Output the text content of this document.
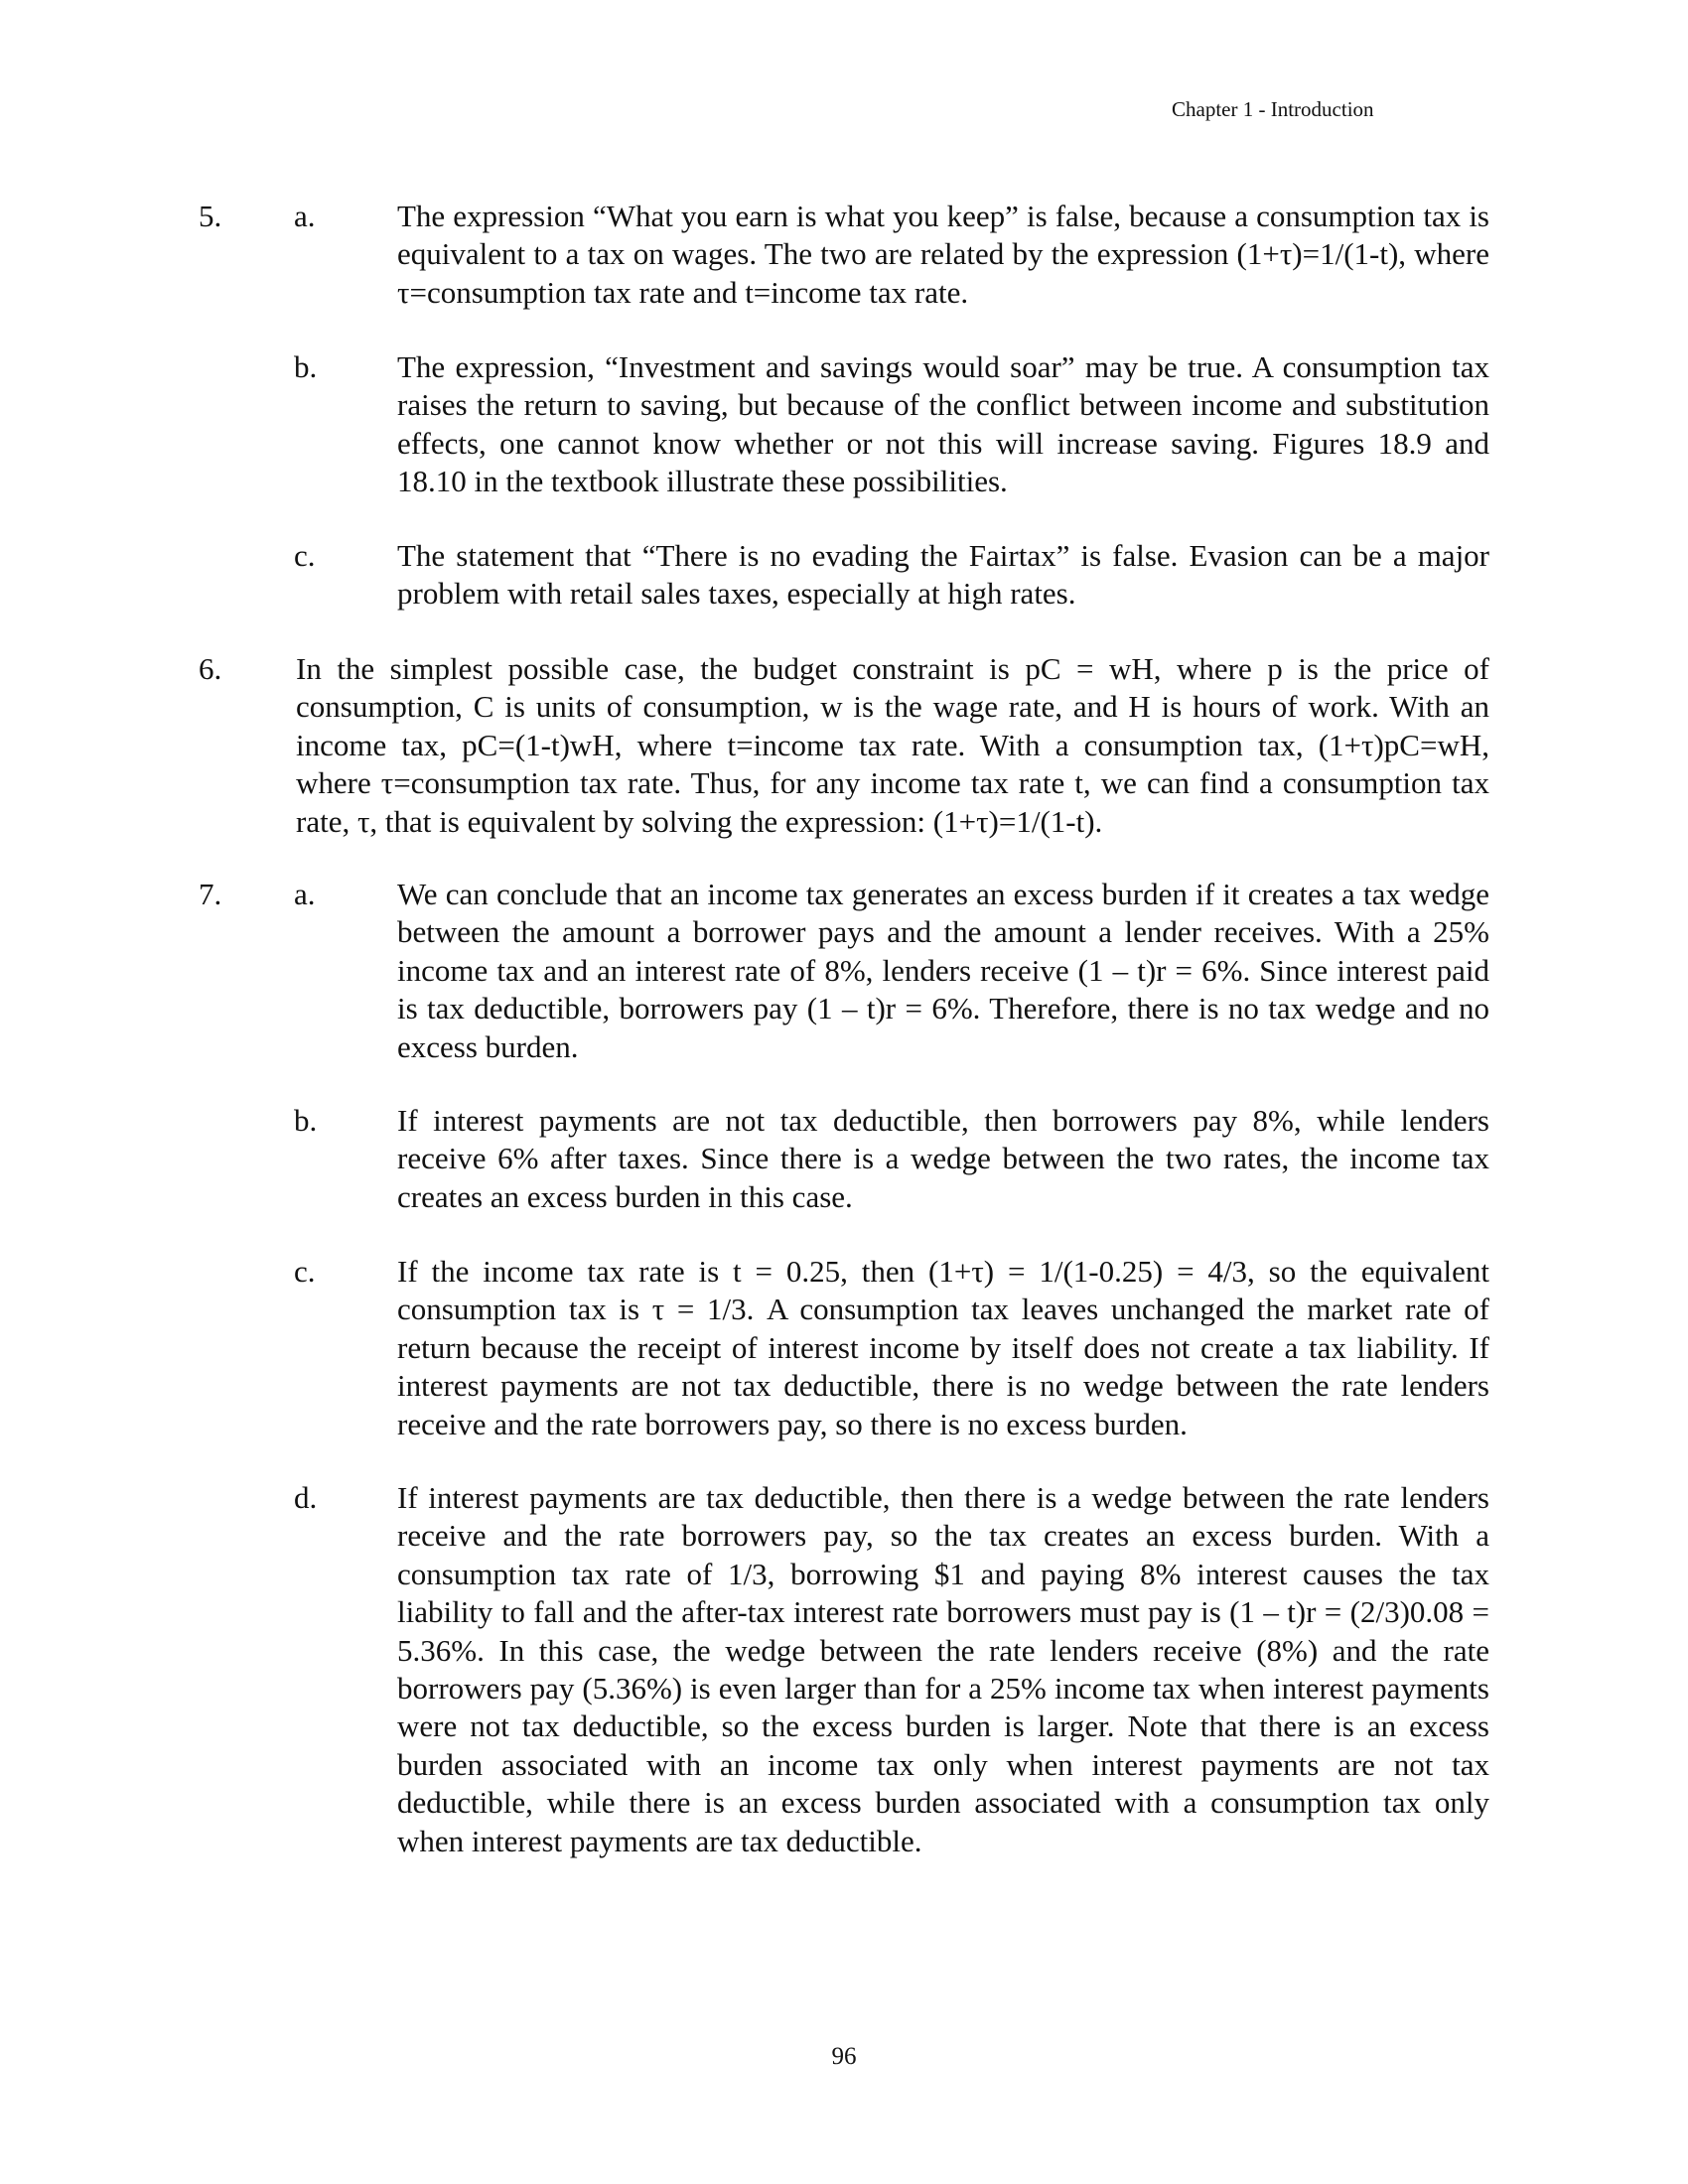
Chapter 1 - Introduction
5. a.	The expression “What you earn is what you keep” is false, because a consumption tax is equivalent to a tax on wages. The two are related by the expression (1+τ)=1/(1-t), where τ=consumption tax rate and t=income tax rate.
b.	The expression, “Investment and savings would soar” may be true. A consumption tax raises the return to saving, but because of the conflict between income and substitution effects, one cannot know whether or not this will increase saving. Figures 18.9 and 18.10 in the textbook illustrate these possibilities.
c.	The statement that “There is no evading the Fairtax” is false. Evasion can be a major problem with retail sales taxes, especially at high rates.
6. In the simplest possible case, the budget constraint is pC = wH, where p is the price of consumption, C is units of consumption, w is the wage rate, and H is hours of work. With an income tax, pC=(1-t)wH, where t=income tax rate. With a consumption tax, (1+τ)pC=wH, where τ=consumption tax rate. Thus, for any income tax rate t, we can find a consumption tax rate, τ, that is equivalent by solving the expression: (1+τ)=1/(1-t).
7. a.	We can conclude that an income tax generates an excess burden if it creates a tax wedge between the amount a borrower pays and the amount a lender receives. With a 25% income tax and an interest rate of 8%, lenders receive (1 – t)r = 6%. Since interest paid is tax deductible, borrowers pay (1 – t)r = 6%. Therefore, there is no tax wedge and no excess burden.
b.	If interest payments are not tax deductible, then borrowers pay 8%, while lenders receive 6% after taxes. Since there is a wedge between the two rates, the income tax creates an excess burden in this case.
c.	If the income tax rate is t = 0.25, then (1+τ) = 1/(1-0.25) = 4/3, so the equivalent consumption tax is τ = 1/3. A consumption tax leaves unchanged the market rate of return because the receipt of interest income by itself does not create a tax liability. If interest payments are not tax deductible, there is no wedge between the rate lenders receive and the rate borrowers pay, so there is no excess burden.
d.	If interest payments are tax deductible, then there is a wedge between the rate lenders receive and the rate borrowers pay, so the tax creates an excess burden. With a consumption tax rate of 1/3, borrowing $1 and paying 8% interest causes the tax liability to fall and the after-tax interest rate borrowers must pay is (1 – t)r = (2/3)0.08 = 5.36%. In this case, the wedge between the rate lenders receive (8%) and the rate borrowers pay (5.36%) is even larger than for a 25% income tax when interest payments were not tax deductible, so the excess burden is larger. Note that there is an excess burden associated with an income tax only when interest payments are not tax deductible, while there is an excess burden associated with a consumption tax only when interest payments are tax deductible.
96
